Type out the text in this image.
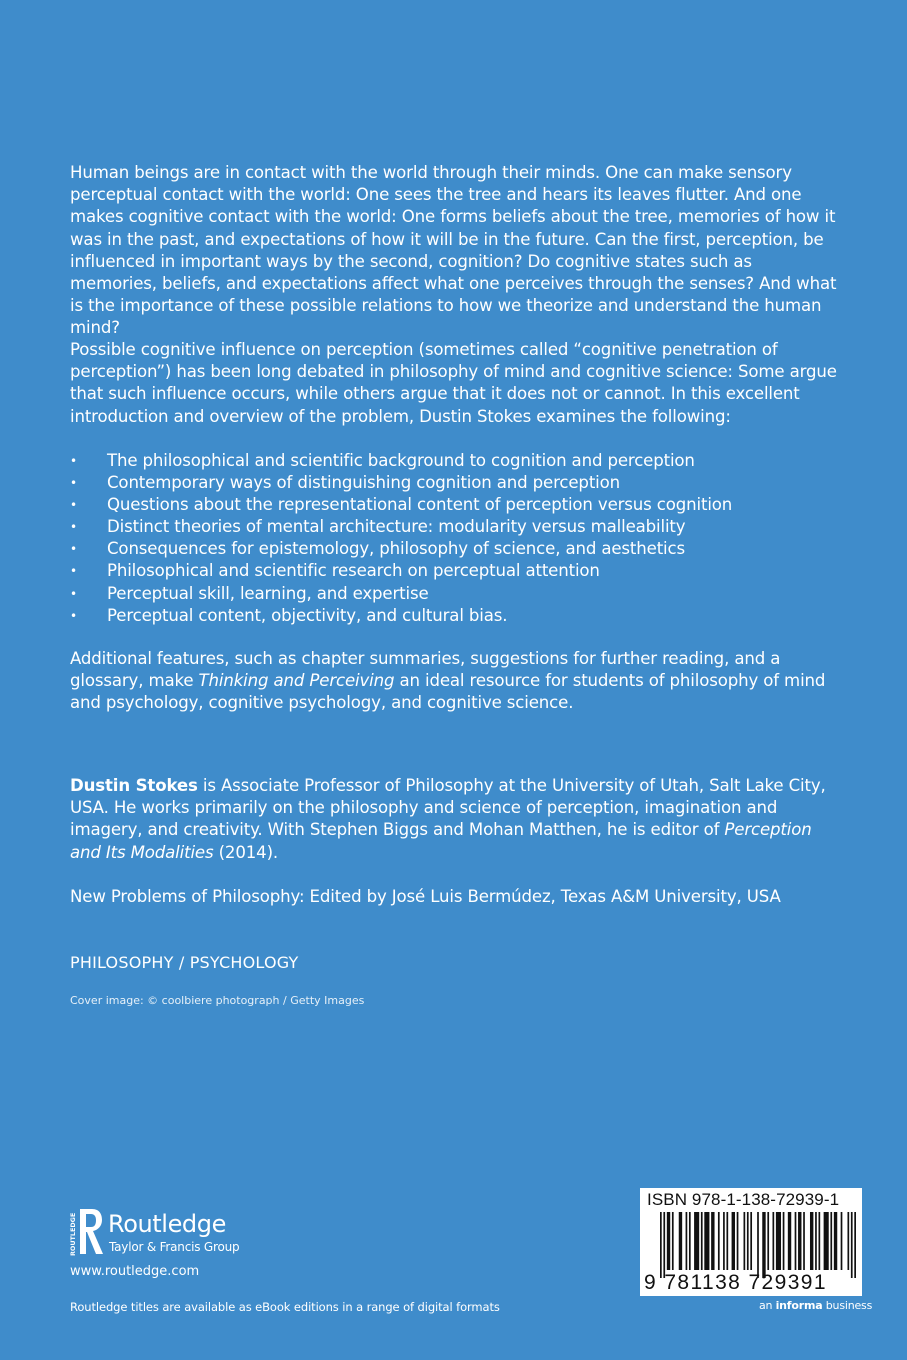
Human beings are in contact with the world through their minds. One can make sensory perceptual contact with the world: One sees the tree and hears its leaves flutter. And one makes cognitive contact with the world: One forms beliefs about the tree, memories of how it was in the past, and expectations of how it will be in the future. Can the first, perception, be influenced in important ways by the second, cognition? Do cognitive states such as memories, beliefs, and expectations affect what one perceives through the senses? And what is the importance of these possible relations to how we theorize and understand the human mind?

Possible cognitive influence on perception (sometimes called “cognitive penetration of perception”) has been long debated in philosophy of mind and cognitive science: Some argue that such influence occurs, while others argue that it does not or cannot. In this excellent introduction and overview of the problem, Dustin Stokes examines the following:

• The philosophical and scientific background to cognition and perception
• Contemporary ways of distinguishing cognition and perception
• Questions about the representational content of perception versus cognition
• Distinct theories of mental architecture: modularity versus malleability
• Consequences for epistemology, philosophy of science, and aesthetics
• Philosophical and scientific research on perceptual attention
• Perceptual skill, learning, and expertise
• Perceptual content, objectivity, and cultural bias.

Additional features, such as chapter summaries, suggestions for further reading, and a glossary, make Thinking and Perceiving an ideal resource for students of philosophy of mind and psychology, cognitive psychology, and cognitive science.

Dustin Stokes is Associate Professor of Philosophy at the University of Utah, Salt Lake City, USA. He works primarily on the philosophy and science of perception, imagination and imagery, and creativity. With Stephen Biggs and Mohan Matthen, he is editor of Perception and Its Modalities (2014).

New Problems of Philosophy: Edited by José Luis Bermúdez, Texas A&M University, USA
PHILOSOPHY / PSYCHOLOGY
Cover image: © coolbiere photograph / Getty Images
ROUTLEDGE Routledge
Taylor & Francis Group
www.routledge.com
Routledge titles are available as eBook editions in a range of digital formats
ISBN 978-1-138-72939-1
9 781138 729391
an informa business
